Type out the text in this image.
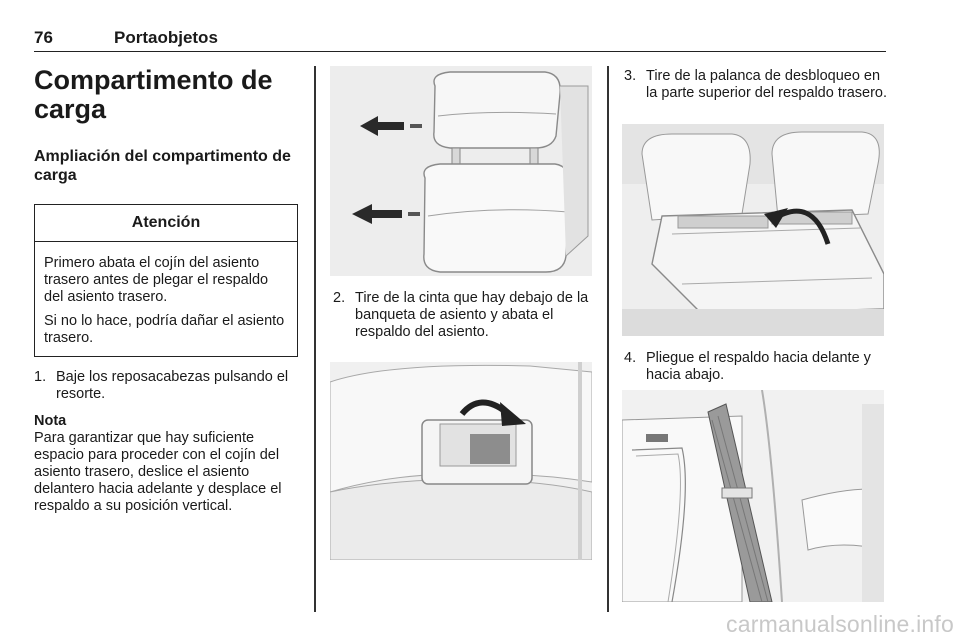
76	Portaobjetos
Compartimento de carga
Ampliación del compartimento de carga
Atención

Primero abata el cojín del asiento trasero antes de plegar el respaldo del asiento trasero.

Si no lo hace, podría dañar el asiento trasero.

1. Baje los reposacabezas pulsando el resorte.
Nota
Para garantizar que hay suficiente espacio para proceder con el cojín del asiento trasero, deslice el asiento delantero hacia adelante y desplace el respaldo a su posición vertical.
2. Tire de la cinta que hay debajo de la banqueta de asiento y abata el respaldo del asiento.
3. Tire de la palanca de desbloqueo en la parte superior del respaldo trasero.
4. Pliegue el respaldo hacia delante y hacia abajo.
carmanualsonline.info
